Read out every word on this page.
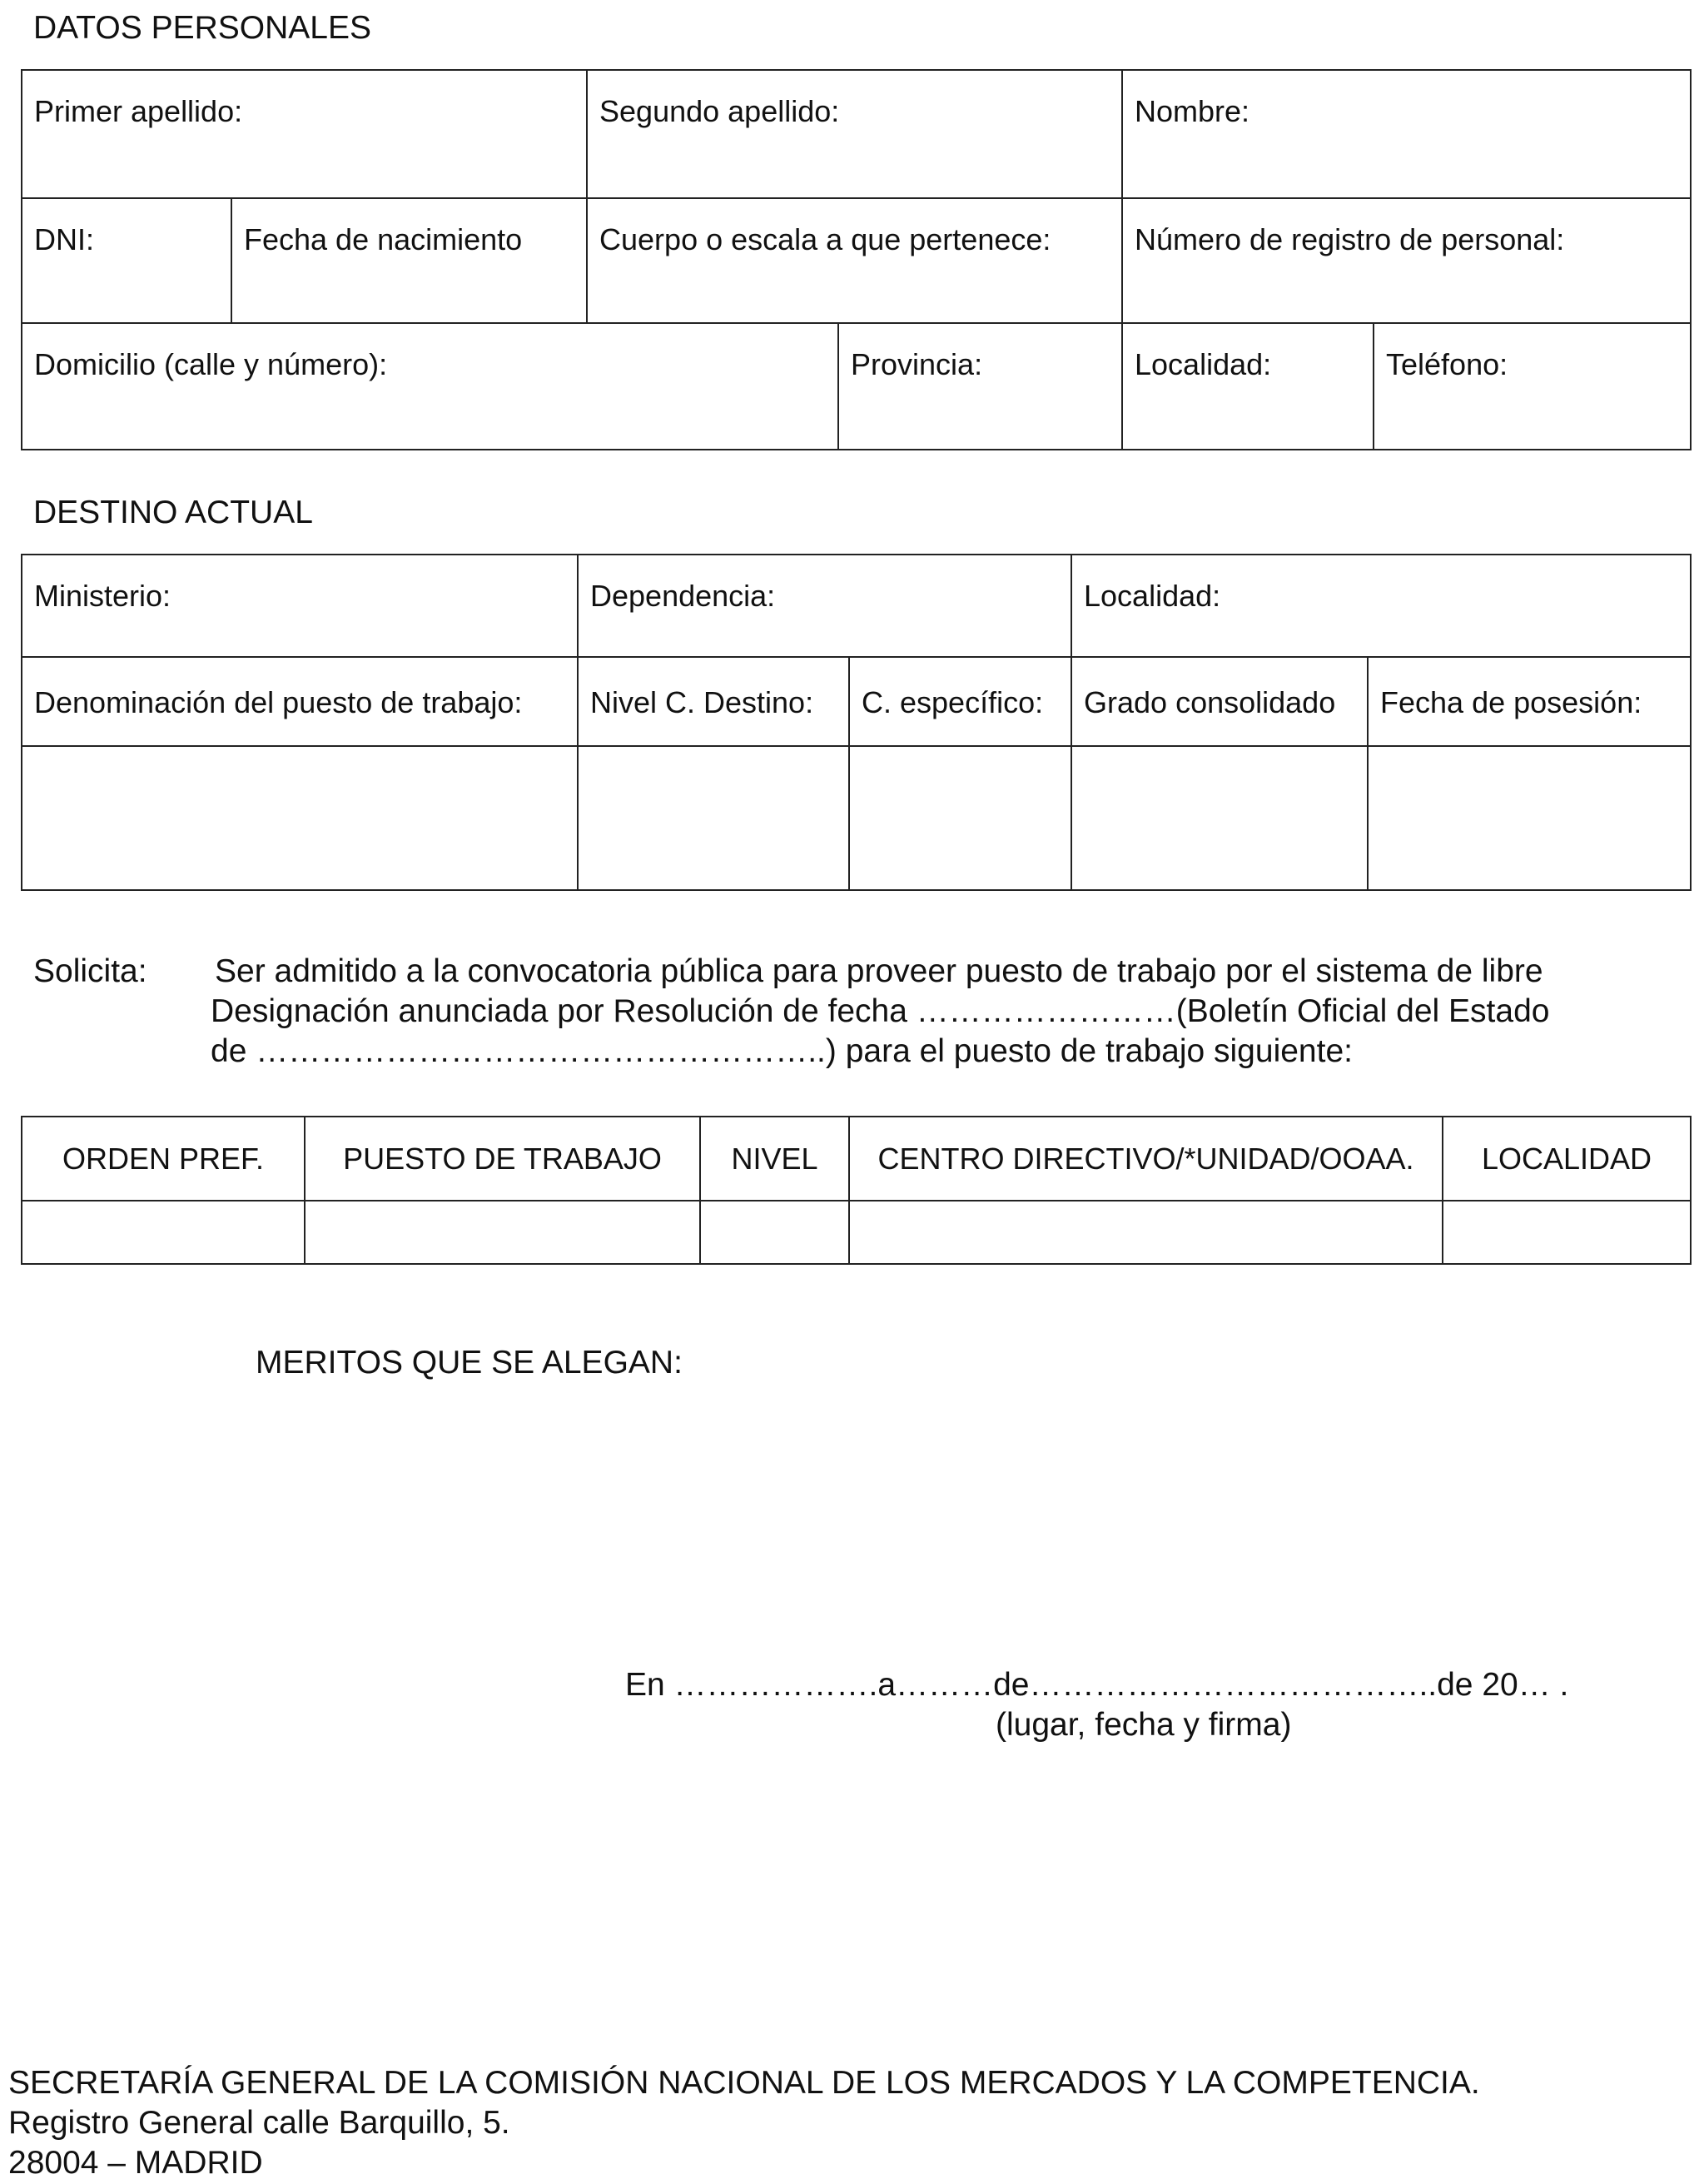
DATOS PERSONALES
Primer apellido:		Segundo apellido:		Nombre:	
DNI:	Fecha de nacimiento	Cuerpo o escala a que pertenece:		Número de registro de personal:	
Domicilio (calle y número):			Provincia:	Localidad:	Teléfono:
DESTINO ACTUAL
Ministerio:	Dependencia:		Localidad:	
Denominación del puesto de trabajo:	Nivel C. Destino:	C. específico:	Grado consolidado	Fecha de posesión:

Solicita: Ser admitido a la convocatoria pública para proveer puesto de trabajo por el sistema de libre
Designación anunciada por Resolución de fecha ……………………(Boletín Oficial del Estado
de ……………………………………………..) para el puesto de trabajo siguiente:
ORDEN PREF.	PUESTO DE TRABAJO	NIVEL	CENTRO DIRECTIVO/*UNIDAD/OOAA.	LOCALIDAD

MERITOS QUE SE ALEGAN:
En ……………….a………de………………………………..de 20… .
(lugar, fecha y firma)
SECRETARÍA GENERAL DE LA COMISIÓN NACIONAL DE LOS MERCADOS Y LA COMPETENCIA.
Registro General calle Barquillo, 5.
28004 – MADRID
